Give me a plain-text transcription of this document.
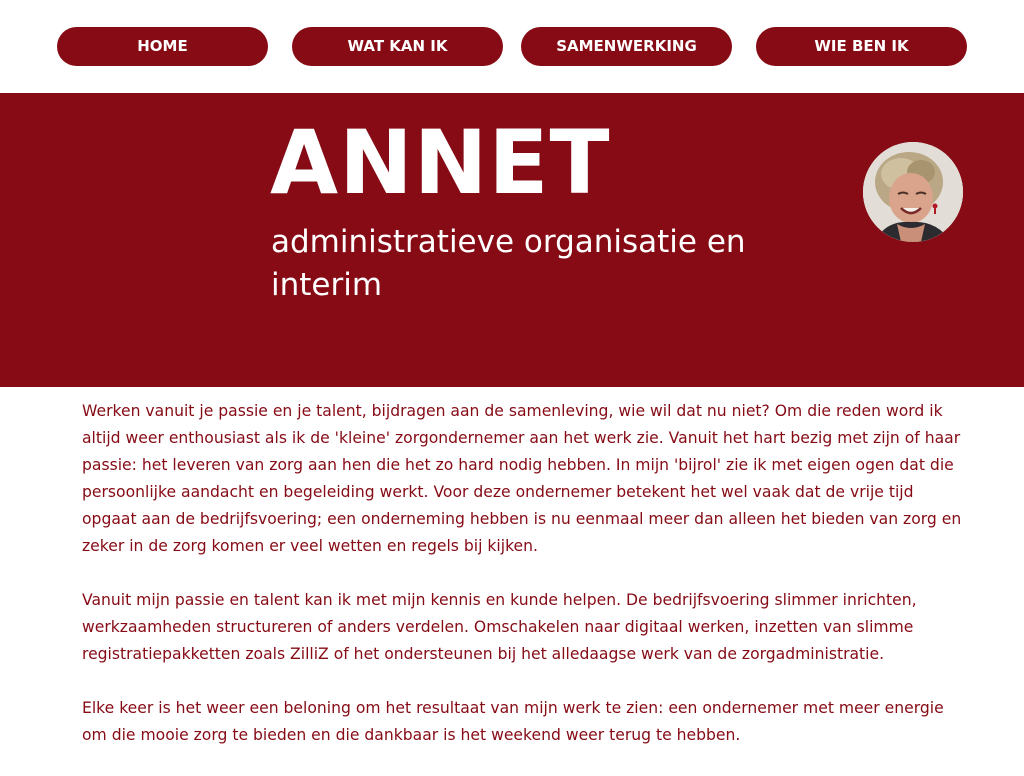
HOME	WAT KAN IK	SAMENWERKING	WIE BEN IK
ANNET
administratieve organisatie en interim

Werken vanuit je passie en je talent, bijdragen aan de samenleving, wie wil dat nu niet? Om die reden word ik altijd weer enthousiast als ik de 'kleine' zorgondernemer aan het werk zie. Vanuit het hart bezig met zijn of haar passie: het leveren van zorg aan hen die het zo hard nodig hebben. In mijn 'bijrol' zie ik met eigen ogen dat die persoonlijke aandacht en begeleiding werkt. Voor deze ondernemer betekent het wel vaak dat de vrije tijd opgaat aan de bedrijfsvoering; een onderneming hebben is nu eenmaal meer dan alleen het bieden van zorg en zeker in de zorg komen er veel wetten en regels bij kijken.

Vanuit mijn passie en talent kan ik met mijn kennis en kunde helpen. De bedrijfsvoering slimmer inrichten, werkzaamheden structureren of anders verdelen. Omschakelen naar digitaal werken, inzetten van slimme registratiepakketten zoals ZilliZ of het ondersteunen bij het alledaagse werk van de zorgadministratie.

Elke keer is het weer een beloning om het resultaat van mijn werk te zien: een ondernemer met meer energie om die mooie zorg te bieden en die dankbaar is het weekend weer terug te hebben.
